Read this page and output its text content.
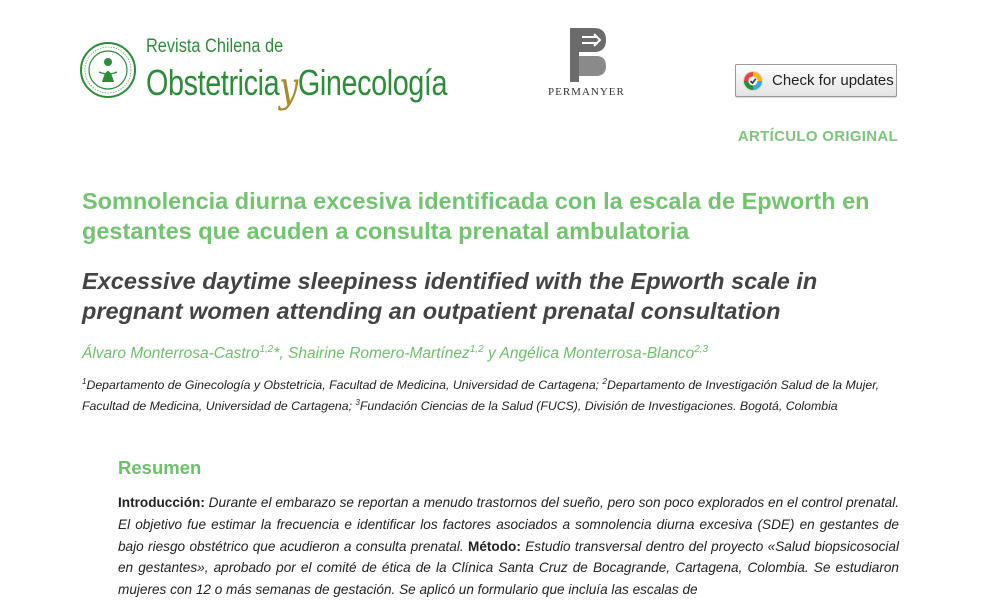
Revista Chilena de
ObstetriciayGinecología	PERMANYER
Check for updates
ARTÍCULO ORIGINAL
Somnolencia diurna excesiva identificada con la escala de Epworth en gestantes que acuden a consulta prenatal ambulatoria
Excessive daytime sleepiness identified with the Epworth scale in pregnant women attending an outpatient prenatal consultation
Álvaro Monterrosa-Castro$^{1,2}$*, Shairine Romero-Martínez$^{1,2}$ y Angélica Monterrosa-Blanco$^{2,3}$
$^1$Departamento de Ginecología y Obstetricia, Facultad de Medicina, Universidad de Cartagena; $^2$Departamento de Investigación Salud de la Mujer, Facultad de Medicina, Universidad de Cartagena; $^3$Fundación Ciencias de la Salud (FUCS), División de Investigaciones. Bogotá, Colombia
Resumen
Introducción: Durante el embarazo se reportan a menudo trastornos del sueño, pero son poco explorados en el control prenatal. El objetivo fue estimar la frecuencia e identificar los factores asociados a somnolencia diurna excesiva (SDE) en gestantes de bajo riesgo obstétrico que acudieron a consulta prenatal. Método: Estudio transversal dentro del proyecto «Salud biopsicosocial en gestantes», aprobado por el comité de ética de la Clínica Santa Cruz de Bocagrande, Cartagena, Colombia. Se estudiaron mujeres con 12 o más semanas de gestación. Se aplicó un formulario que incluía las escalas de
